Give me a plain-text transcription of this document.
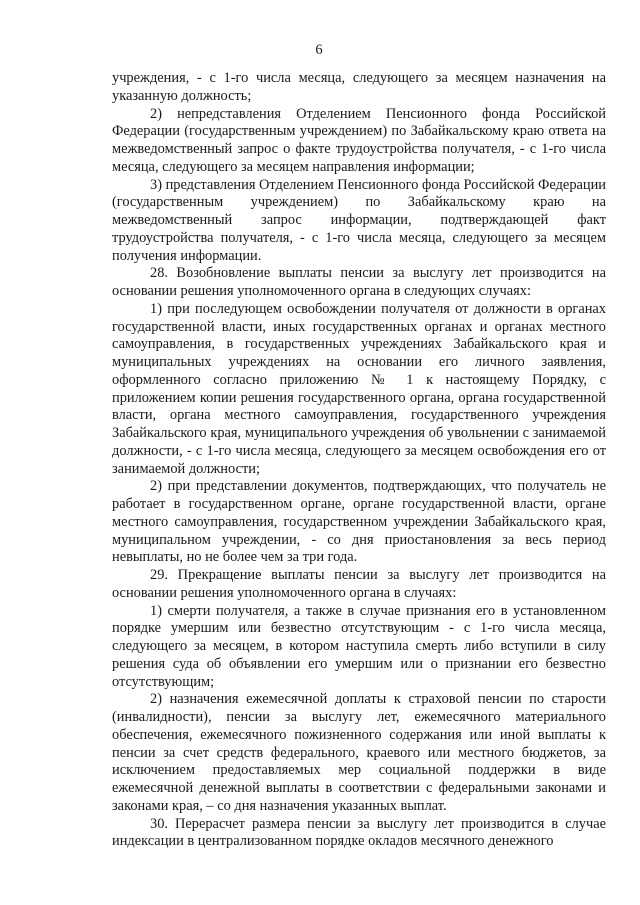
6

учреждения, - с 1-го числа месяца, следующего за месяцем назначения на указанную должность;

2) непредставления Отделением Пенсионного фонда Российской Федерации (государственным учреждением) по Забайкальскому краю ответа на межведомственный запрос о факте трудоустройства получателя, - с 1-го числа месяца, следующего за месяцем направления информации;

3) представления Отделением Пенсионного фонда Российской Федерации (государственным учреждением) по Забайкальскому краю на межведомственный запрос информации, подтверждающей факт трудоустройства получателя, - с 1-го числа месяца, следующего за месяцем получения информации.

28. Возобновление выплаты пенсии за выслугу лет производится на основании решения уполномоченного органа в следующих случаях:

1) при последующем освобождении получателя от должности в органах государственной власти, иных государственных органах и органах местного самоуправления, в государственных учреждениях Забайкальского края и муниципальных учреждениях на основании его личного заявления, оформленного согласно приложению № 1 к настоящему Порядку, с приложением копии решения государственного органа, органа государственной власти, органа местного самоуправления, государственного учреждения Забайкальского края, муниципального учреждения об увольнении с занимаемой должности, - с 1-го числа месяца, следующего за месяцем освобождения его от занимаемой должности;

2) при представлении документов, подтверждающих, что получатель не работает в государственном органе, органе государственной власти, органе местного самоуправления, государственном учреждении Забайкальского края, муниципальном учреждении, - со дня приостановления за весь период невыплаты, но не более чем за три года.

29. Прекращение выплаты пенсии за выслугу лет производится на основании решения уполномоченного органа в случаях:

1) смерти получателя, а также в случае признания его в установленном порядке умершим или безвестно отсутствующим - с 1-го числа месяца, следующего за месяцем, в котором наступила смерть либо вступили в силу решения суда об объявлении его умершим или о признании его безвестно отсутствующим;

2) назначения ежемесячной доплаты к страховой пенсии по старости (инвалидности), пенсии за выслугу лет, ежемесячного материального обеспечения, ежемесячного пожизненного содержания или иной выплаты к пенсии за счет средств федерального, краевого или местного бюджетов, за исключением предоставляемых мер социальной поддержки в виде ежемесячной денежной выплаты в соответствии с федеральными законами и законами края, – со дня назначения указанных выплат.

30. Перерасчет размера пенсии за выслугу лет производится в случае индексации в централизованном порядке окладов месячного денежного
